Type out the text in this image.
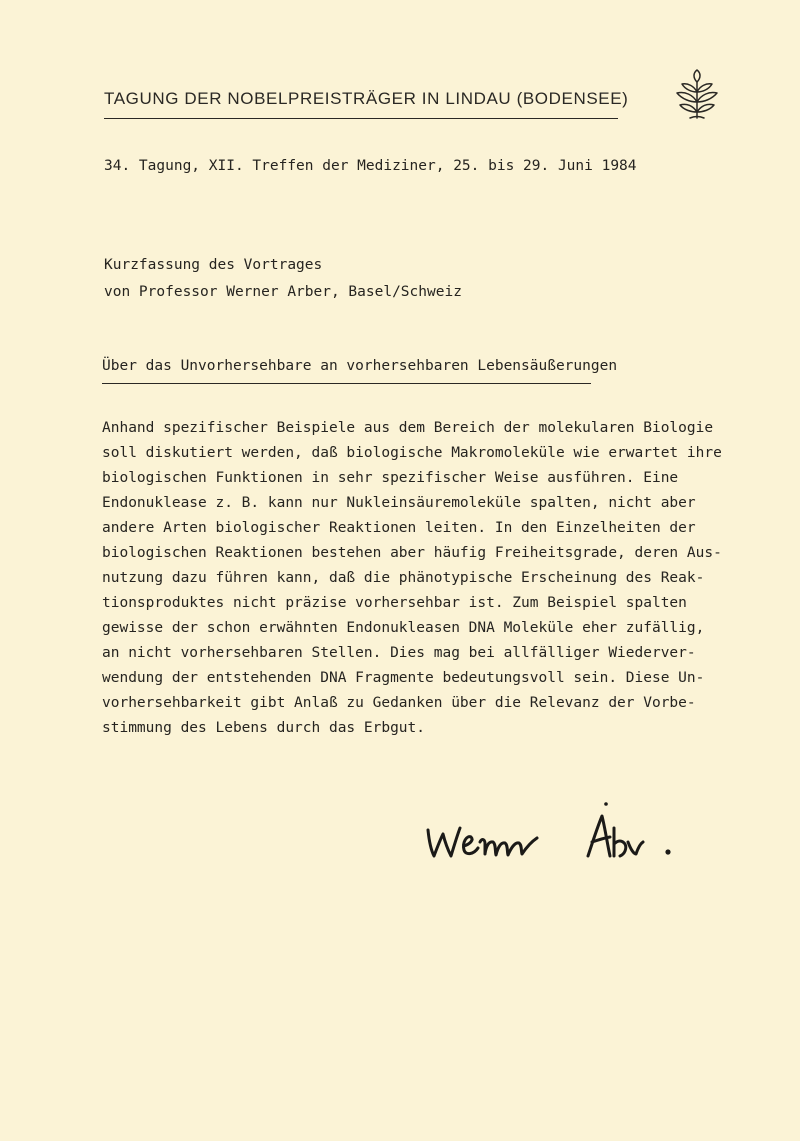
TAGUNG DER NOBELPREISTRÄGER IN LINDAU (BODENSEE)
34. Tagung, XII. Treffen der Mediziner, 25. bis 29. Juni 1984
Kurzfassung des Vortrages
von Professor Werner Arber, Basel/Schweiz
Über das Unvorhersehbare an vorhersehbaren Lebensäußerungen
Anhand spezifischer Beispiele aus dem Bereich der molekularen Biologie
soll diskutiert werden, daß biologische Makromoleküle wie erwartet ihre
biologischen Funktionen in sehr spezifischer Weise ausführen. Eine
Endonuklease z. B. kann nur Nukleinsäuremoleküle spalten, nicht aber
andere Arten biologischer Reaktionen leiten. In den Einzelheiten der
biologischen Reaktionen bestehen aber häufig Freiheitsgrade, deren Aus-
nutzung dazu führen kann, daß die phänotypische Erscheinung des Reak-
tionsproduktes nicht präzise vorhersehbar ist. Zum Beispiel spalten
gewisse der schon erwähnten Endonukleasen DNA Moleküle eher zufällig,
an nicht vorhersehbaren Stellen. Dies mag bei allfälliger Wiederver-
wendung der entstehenden DNA Fragmente bedeutungsvoll sein. Diese Un-
vorhersehbarkeit gibt Anlaß zu Gedanken über die Relevanz der Vorbe-
stimmung des Lebens durch das Erbgut.
